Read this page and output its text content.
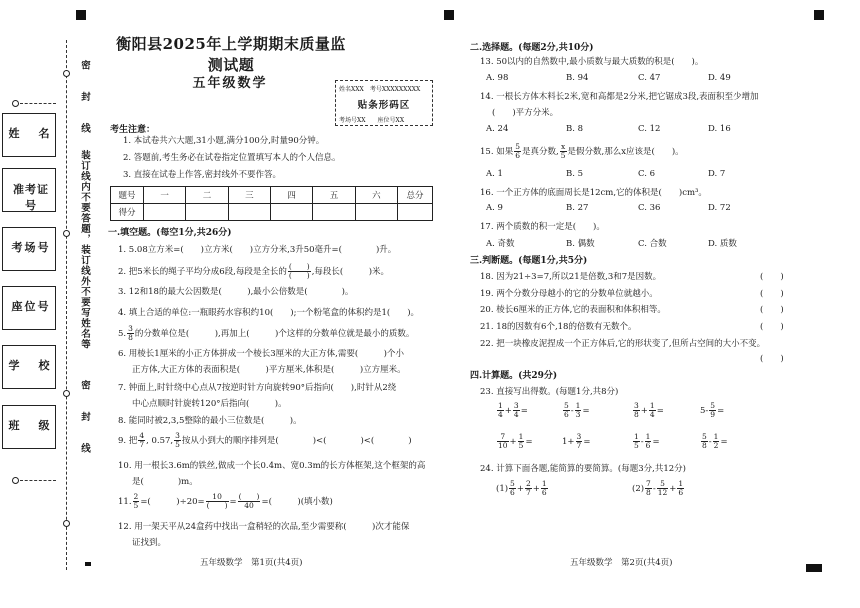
姓　名
准考证号
考场号
座位号
学　校
班　级
装订线内不要答题，装订线外不要写姓名等
密　　封　　线
密　　封　　线
衡阳县2025年上学期期末质量监测试题
五年级数学	姓名XXX　考号XXXXXXXXX
贴条形码区
考场号XX　　座位号XX
考生注意：
1. 本试卷共六大题,31小题,满分100分,时量90分钟。
2. 答题前,考生务必在试卷指定位置填写本人的个人信息。
3. 直接在试卷上作答,密封线外不要作答。
题号	一	二	三	四	五	六	总分
得分							
一.填空题。(每空1分,共26分)
1. 5.08立方米=(　　)立方米(　　)立方分米,3升50毫升=(　　　　)升。
2. 把5米长的绳子平均分成6段,每段是全长的 $\frac{( )}{( )}$ ,每段长(　　　)米。
3. 12和18的最大公因数是(　　　),最小公倍数是(　　　　)。
4. 填上合适的单位:一瓶眼药水容积约10(　　);一个粉笔盒的体积约是1(　　)。
5. $\frac{3}{8}$ 的分数单位是(　　　),再加上(　　　)个这样的分数单位就是最小的质数。
6. 用棱长1厘米的小正方体拼成一个棱长3厘米的大正方体,需要(　　　)个小
正方体,大正方体的表面积是(　　　)平方厘米,体积是(　　　)立方厘米。
7. 钟面上,时针绕中心点从7按逆时针方向旋转90°后指向(　　),时针从2绕
中心点顺时针旋转120°后指向(　　　)。
8. 能同时被2,3,5整除的最小三位数是(　　　)。
9. 把 $\frac{4}{7}$ , 0.57, $\frac{3}{5}$ 按从小到大的顺序排列是(　　　　)<(　　　　)<(　　　　)
10. 用一根长3.6m的铁丝,做成一个长0.4m、宽0.3m的长方体框架,这个框架的高
是(　　　　)m。
11. $\frac{2}{5}$ =(　　　)$\div 20= \frac{10}{( )} = \frac{( )}{40}$ =(　　　)(填小数)
12. 用一架天平从24盒药中找出一盒稍轻的次品,至少需要称(　　　)次才能保
证找到。
五年级数学　第1页(共4页)
二.选择题。(每题2分,共10分)
13. 50以内的自然数中,最小质数与最大质数的积是(　　)。
A. 98	B. 94	C. 47	D. 49
14. 一根长方体木料长2米,宽和高都是2分米,把它锯成3段,表面积至少增加
(　　)平方分米。
A. 24	B. 8	C. 12	D. 16
15. 如果 $\frac{5}{6}$ 是真分数, $\frac{x}{5}$ 是假分数,那么x应该是(　　)。
A. 1	B. 5	C. 6	D. 7
16. 一个正方体的底面周长是12cm,它的体积是(　　)cm³。
A. 9	B. 27	C. 36	D. 72
17. 两个质数的积一定是(　　)。
A. 奇数	B. 偶数	C. 合数	D. 质数
三.判断题。(每题1分,共5分)
18. 因为21÷3=7,所以21是倍数,3和7是因数。	(　　)
19. 两个分数分母越小的它的分数单位就越小。	(　　)
20. 棱长6厘米的正方体,它的表面积和体积相等。	(　　)
21. 18的因数有6个,18的倍数有无数个。	(　　)
22. 把一块橡皮泥捏成一个正方体后,它的形状变了,但所占空间的大小不变。
(　　)
四.计算题。(共29分)
23. 直接写出得数。(每题1分,共8分)
$\frac{1}{4} + \frac{3}{4}$ =	$\frac{5}{6} - \frac{1}{3}$ =	$\frac{3}{8} + \frac{1}{4}$ =	$5- \frac{5}{9}$ =
$\frac{7}{10} + \frac{1}{5}$ =	$1+ \frac{3}{7}$ =	$\frac{1}{5} - \frac{1}{6}$ =	$\frac{5}{8} - \frac{1}{2}$ =
24. 计算下面各题,能简算的要简算。(每题3分,共12分)
$(1) \frac{5}{6} + \frac{2}{7} + \frac{1}{6}$	$(2) \frac{7}{8} - \frac{5}{12} + \frac{1}{6}$
五年级数学　第2页(共4页)
